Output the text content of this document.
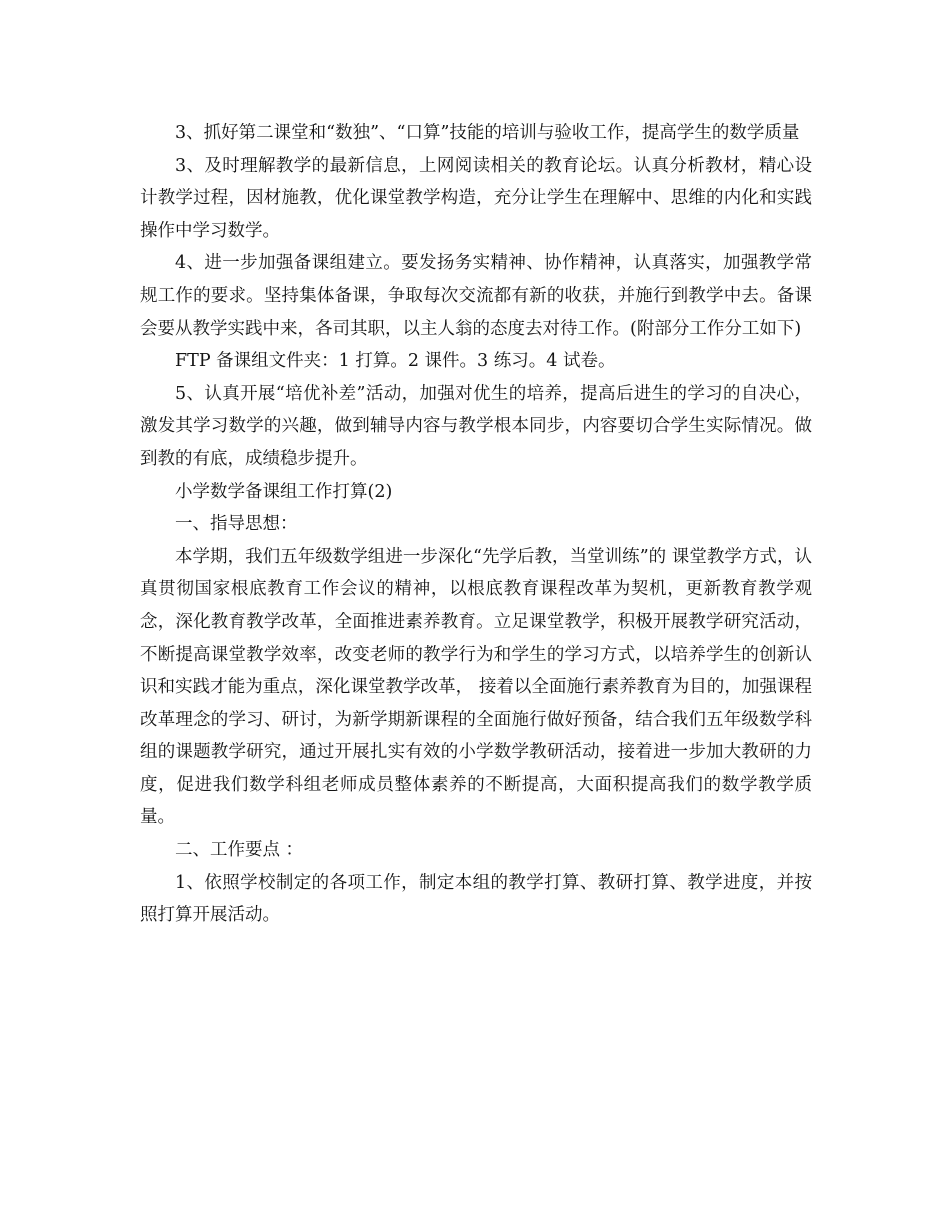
3、抓好第二课堂和“数独”、“口算”技能的培训与验收工作，提高学生的数学质量

3、及时理解教学的最新信息，上网阅读相关的教育论坛。认真分析教材，精心设计教学过程，因材施教，优化课堂教学构造，充分让学生在理解中、思维的内化和实践操作中学习数学。

4、进一步加强备课组建立。要发扬务实精神、协作精神，认真落实，加强教学常规工作的要求。坚持集体备课，争取每次交流都有新的收获，并施行到教学中去。备课会要从教学实践中来，各司其职，以主人翁的态度去对待工作。(附部分工作分工如下)

FTP 备课组文件夹：1 打算。2 课件。3 练习。4 试卷。

5、认真开展“培优补差”活动，加强对优生的培养，提高后进生的学习的自决心，激发其学习数学的兴趣，做到辅导内容与教学根本同步，内容要切合学生实际情况。做到教的有底，成绩稳步提升。

小学数学备课组工作打算(2)

一、指导思想：

本学期，我们五年级数学组进一步深化“先学后教，当堂训练”的 课堂教学方式，认真贯彻国家根底教育工作会议的精神，以根底教育课程改革为契机，更新教育教学观念，深化教育教学改革，全面推进素养教育。立足课堂教学，积极开展教学研究活动，不断提高课堂教学效率，改变老师的教学行为和学生的学习方式，以培养学生的创新认识和实践才能为重点，深化课堂教学改革， 接着以全面施行素养教育为目的，加强课程改革理念的学习、研讨，为新学期新课程的全面施行做好预备，结合我们五年级数学科组的课题教学研究，通过开展扎实有效的小学数学教研活动，接着进一步加大教研的力度，促进我们数学科组老师成员整体素养的不断提高，大面积提高我们的数学教学质量。

二、工作要点 ：

1、依照学校制定的各项工作，制定本组的教学打算、教研打算、教学进度，并按照打算开展活动。
